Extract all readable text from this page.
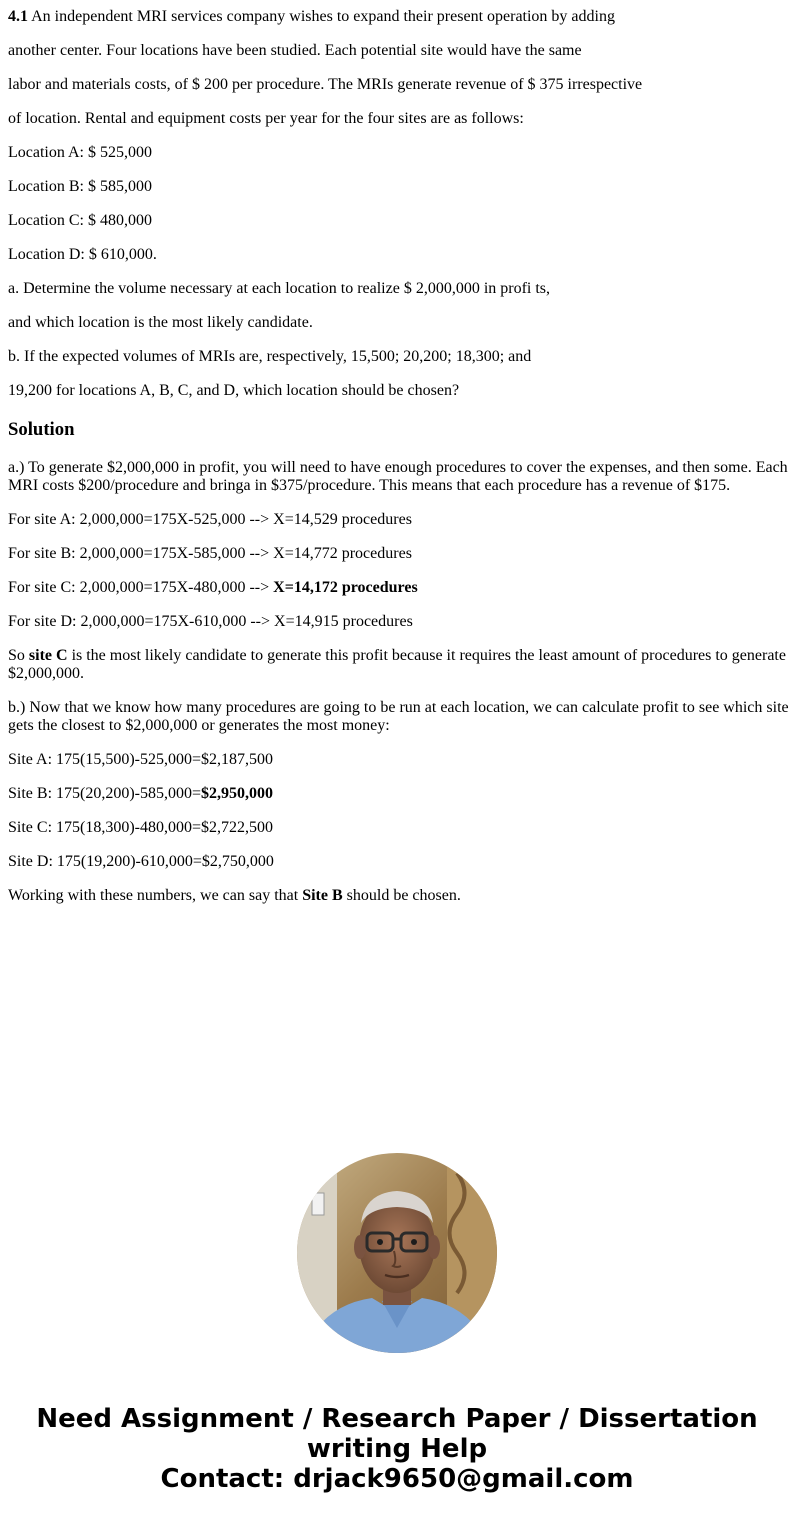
4.1 An independent MRI services company wishes to expand their present operation by adding

another center. Four locations have been studied. Each potential site would have the same

labor and materials costs, of $ 200 per procedure. The MRIs generate revenue of $ 375 irrespective

of location. Rental and equipment costs per year for the four sites are as follows:

Location A: $ 525,000

Location B: $ 585,000

Location C: $ 480,000

Location D: $ 610,000.

a. Determine the volume necessary at each location to realize $ 2,000,000 in profi ts,

and which location is the most likely candidate.

b. If the expected volumes of MRIs are, respectively, 15,500; 20,200; 18,300; and

19,200 for locations A, B, C, and D, which location should be chosen?

Solution

a.) To generate $2,000,000 in profit, you will need to have enough procedures to cover the expenses, and then some. Each MRI costs $200/procedure and bringa in $375/procedure. This means that each procedure has a revenue of $175.

For site A: 2,000,000=175X-525,000 --> X=14,529 procedures

For site B: 2,000,000=175X-585,000 --> X=14,772 procedures

For site C: 2,000,000=175X-480,000 --> X=14,172 procedures

For site D: 2,000,000=175X-610,000 --> X=14,915 procedures

So site C is the most likely candidate to generate this profit because it requires the least amount of procedures to generate $2,000,000.

b.) Now that we know how many procedures are going to be run at each location, we can calculate profit to see which site gets the closest to $2,000,000 or generates the most money:

Site A: 175(15,500)-525,000=$2,187,500

Site B: 175(20,200)-585,000=$2,950,000

Site C: 175(18,300)-480,000=$2,722,500

Site D: 175(19,200)-610,000=$2,750,000

Working with these numbers, we can say that Site B should be chosen.

Need Assignment / Research Paper / Dissertation
writing Help
Contact: drjack9650@gmail.com
